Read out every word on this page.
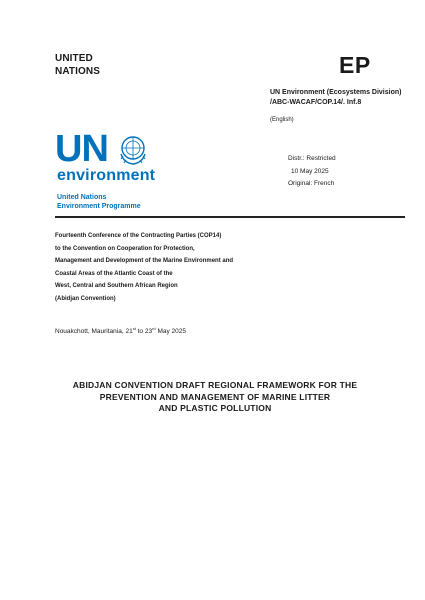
UNITED
NATIONS	EP
UN Environment (Ecosystems Division)
/ABC-WACAF/COP.14/. Inf.8
(English)
UN
environment
United Nations
Environment Programme
Distr.: Restricted
10 May 2025
Original: French
Fourteenth Conference of the Contracting Parties (COP14)
to the Convention on Cooperation for Protection,
Management and Development of the Marine Environment and
Coastal Areas of the Atlantic Coast of the
West, Central and Southern African Region
(Abidjan Convention)
Nouakchott, Mauritania, 21st to 23rd May 2025
ABIDJAN CONVENTION DRAFT REGIONAL FRAMEWORK FOR THE
PREVENTION AND MANAGEMENT OF MARINE LITTER
AND PLASTIC POLLUTION
